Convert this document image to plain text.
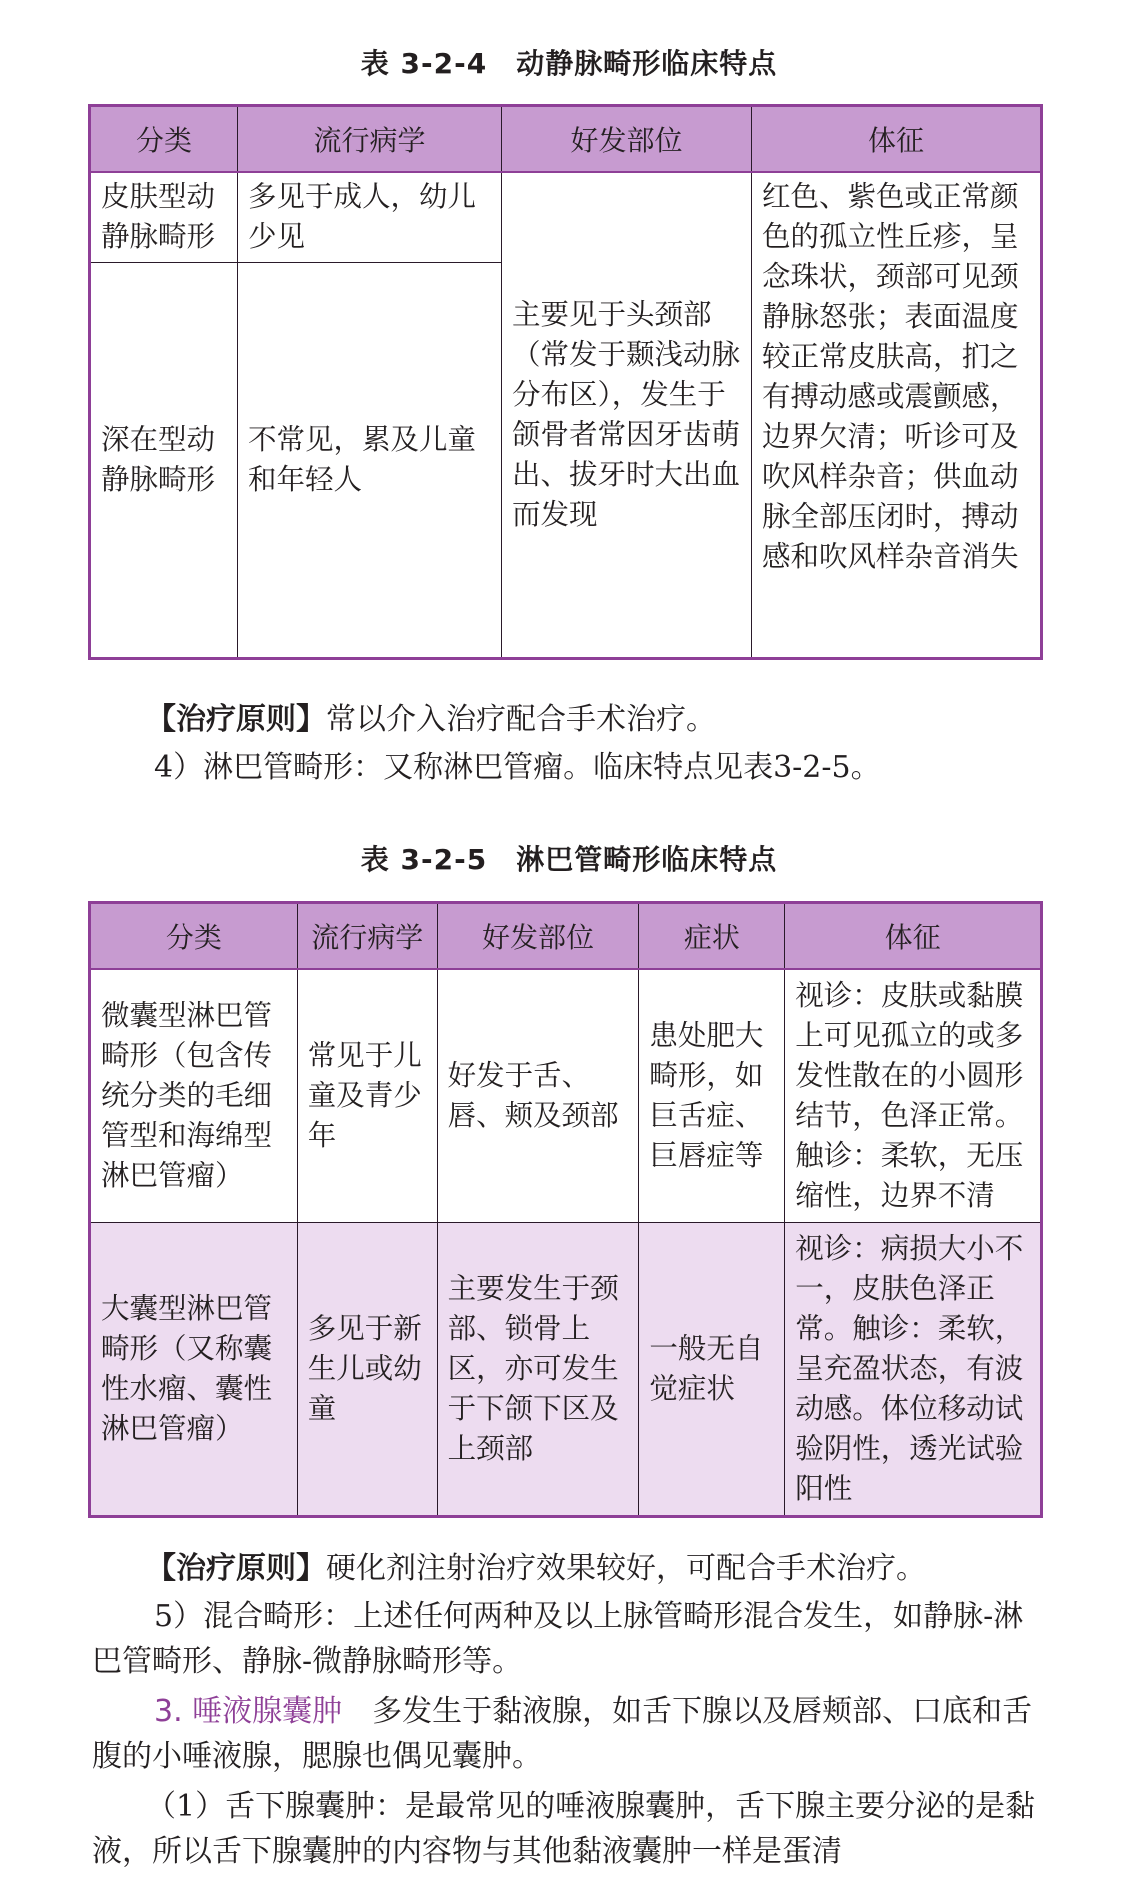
表 3-2-4　动静脉畸形临床特点
分类	流行病学	好发部位	体征
皮肤型动静脉畸形	多见于成人，幼儿少见	主要见于头颈部（常发于颞浅动脉分布区），发生于颌骨者常因牙齿萌出、拔牙时大出血而发现	红色、紫色或正常颜色的孤立性丘疹，呈念珠状，颈部可见颈静脉怒张；表面温度较正常皮肤高，扪之有搏动感或震颤感，边界欠清；听诊可及吹风样杂音；供血动脉全部压闭时，搏动感和吹风样杂音消失
深在型动静脉畸形	不常见，累及儿童和年轻人		

【治疗原则】常以介入治疗配合手术治疗。

4）淋巴管畸形：又称淋巴管瘤。临床特点见表3-2-5。

表 3-2-5　淋巴管畸形临床特点
分类	流行病学	好发部位	症状	体征
微囊型淋巴管畸形（包含传统分类的毛细管型和海绵型淋巴管瘤）	常见于儿童及青少年	好发于舌、唇、颊及颈部	患处肥大畸形，如巨舌症、巨唇症等	视诊：皮肤或黏膜上可见孤立的或多发性散在的小圆形结节，色泽正常。触诊：柔软，无压缩性，边界不清
大囊型淋巴管畸形（又称囊性水瘤、囊性淋巴管瘤）	多见于新生儿或幼童	主要发生于颈部、锁骨上区，亦可发生于下颌下区及上颈部	一般无自觉症状	视诊：病损大小不一，皮肤色泽正常。触诊：柔软，呈充盈状态，有波动感。体位移动试验阴性，透光试验阳性

【治疗原则】硬化剂注射治疗效果较好，可配合手术治疗。

5）混合畸形：上述任何两种及以上脉管畸形混合发生，如静脉-淋巴管畸形、静脉-微静脉畸形等。

3. 唾液腺囊肿　 多发生于黏液腺，如舌下腺以及唇颊部、口底和舌腹的小唾液腺，腮腺也偶见囊肿。

（1）舌下腺囊肿：是最常见的唾液腺囊肿，舌下腺主要分泌的是黏液，所以舌下腺囊肿的内容物与其他黏液囊肿一样是蛋清
